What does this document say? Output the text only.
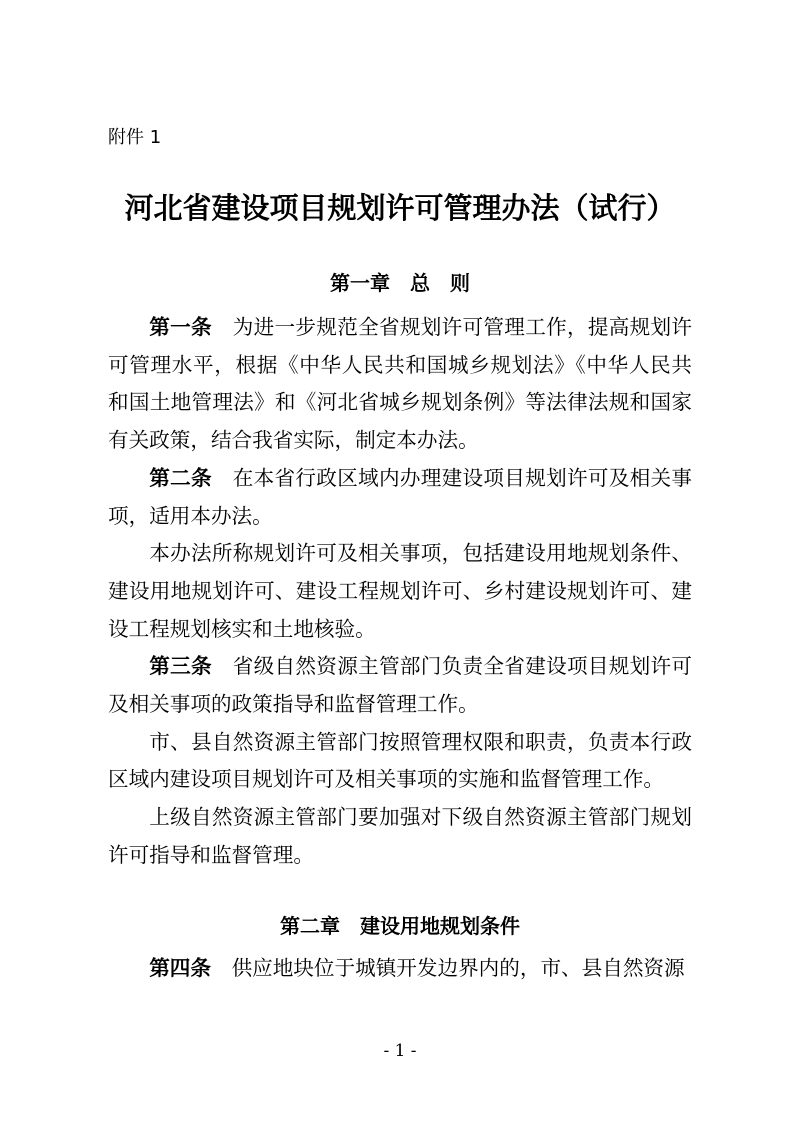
附件 1
河北省建设项目规划许可管理办法（试行）
第一章　总　则

第一条　 为进一步规范全省规划许可管理工作，提高规划许可管理水平，根据《中华人民共和国城乡规划法》《中华人民共和国土地管理法》和《河北省城乡规划条例》等法律法规和国家有关政策，结合我省实际，制定本办法。

第二条　 在本省行政区域内办理建设项目规划许可及相关事项，适用本办法。

本办法所称规划许可及相关事项，包括建设用地规划条件、建设用地规划许可、建设工程规划许可、乡村建设规划许可、建设工程规划核实和土地核验。

第三条　 省级自然资源主管部门负责全省建设项目规划许可及相关事项的政策指导和监督管理工作。

市、县自然资源主管部门按照管理权限和职责，负责本行政区域内建设项目规划许可及相关事项的实施和监督管理工作。

上级自然资源主管部门要加强对下级自然资源主管部门规划许可指导和监督管理。

第二章　建设用地规划条件

第四条　 供应地块位于城镇开发边界内的，市、县自然资源

- 1 -
